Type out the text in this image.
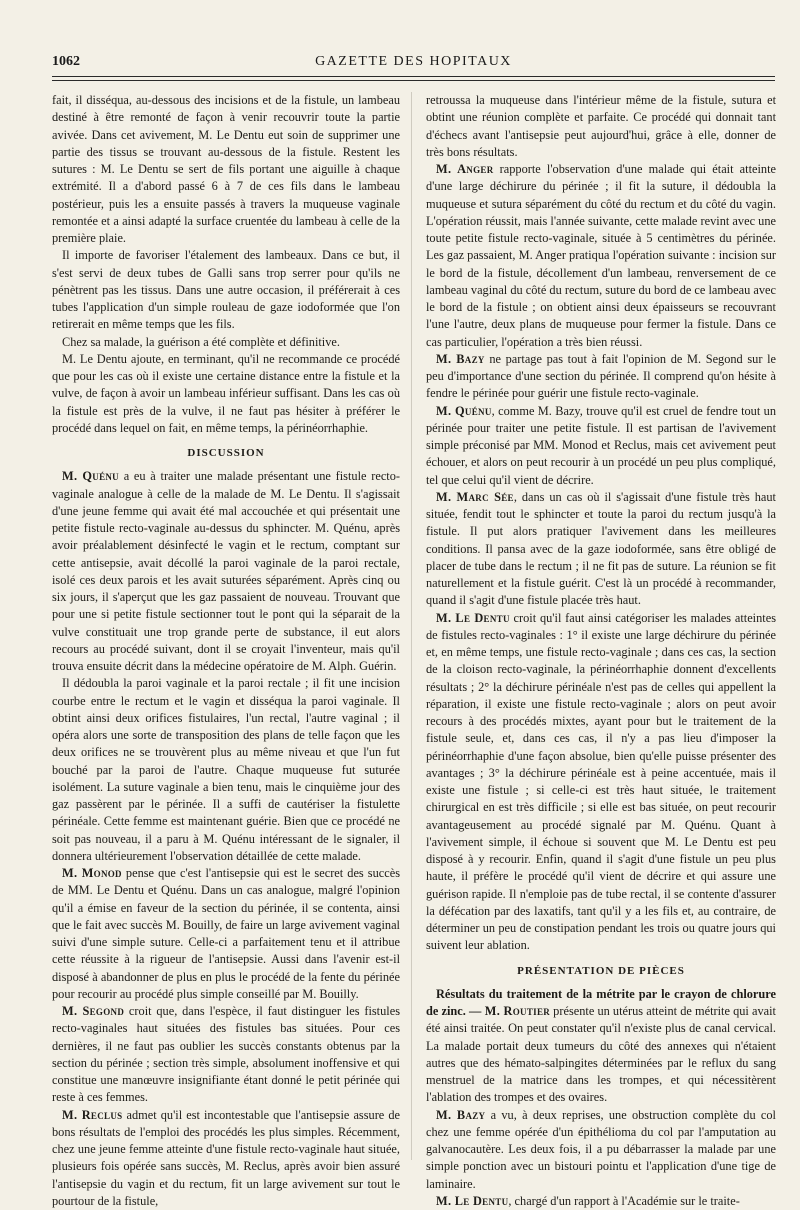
1062	GAZETTE DES HOPITAUX

fait, il disséqua, au-dessous des incisions et de la fistule, un lambeau destiné à être remonté de façon à venir recouvrir toute la partie avivée. Dans cet avivement, M. Le Dentu eut soin de supprimer une partie des tissus se trouvant au-dessous de la fistule. Restent les sutures : M. Le Dentu se sert de fils portant une aiguille à chaque extrémité. Il a d'abord passé 6 à 7 de ces fils dans le lambeau postérieur, puis les a ensuite passés à travers la muqueuse vaginale remontée et a ainsi adapté la surface cruentée du lambeau à celle de la première plaie.

Il importe de favoriser l'étalement des lambeaux. Dans ce but, il s'est servi de deux tubes de Galli sans trop serrer pour qu'ils ne pénètrent pas les tissus. Dans une autre occasion, il préférerait à ces tubes l'application d'un simple rouleau de gaze iodoformée que l'on retirerait en même temps que les fils.

Chez sa malade, la guérison a été complète et définitive.

M. Le Dentu ajoute, en terminant, qu'il ne recommande ce procédé que pour les cas où il existe une certaine distance entre la fistule et la vulve, de façon à avoir un lambeau inférieur suffisant. Dans les cas où la fistule est près de la vulve, il ne faut pas hésiter à préférer le procédé dans lequel on fait, en même temps, la périnéorrhaphie.

DISCUSSION

M. Quénu a eu à traiter une malade présentant une fistule recto-vaginale analogue à celle de la malade de M. Le Dentu. Il s'agissait d'une jeune femme qui avait été mal accouchée et qui présentait une petite fistule recto-vaginale au-dessus du sphincter. M. Quénu, après avoir préalablement désinfecté le vagin et le rectum, comptant sur cette antisepsie, avait décollé la paroi vaginale de la paroi rectale, isolé ces deux parois et les avait suturées séparément. Après cinq ou six jours, il s'aperçut que les gaz passaient de nouveau. Trouvant que pour une si petite fistule sectionner tout le pont qui la séparait de la vulve constituait une trop grande perte de substance, il eut alors recours au procédé suivant, dont il se croyait l'inventeur, mais qu'il trouva ensuite décrit dans la médecine opératoire de M. Alph. Guérin.

Il dédoubla la paroi vaginale et la paroi rectale ; il fit une incision courbe entre le rectum et le vagin et disséqua la paroi vaginale. Il obtint ainsi deux orifices fistulaires, l'un rectal, l'autre vaginal ; il opéra alors une sorte de transposition des plans de telle façon que les deux orifices ne se trouvèrent plus au même niveau et que l'un fut bouché par la paroi de l'autre. Chaque muqueuse fut suturée isolément. La suture vaginale a bien tenu, mais le cinquième jour des gaz passèrent par le périnée. Il a suffi de cautériser la fistulette périnéale. Cette femme est maintenant guérie. Bien que ce procédé ne soit pas nouveau, il a paru à M. Quénu intéressant de le signaler, il donnera ultérieurement l'observation détaillée de cette malade.

M. Monod pense que c'est l'antisepsie qui est le secret des succès de MM. Le Dentu et Quénu. Dans un cas analogue, malgré l'opinion qu'il a émise en faveur de la section du périnée, il se contenta, ainsi que le fait avec succès M. Bouilly, de faire un large avivement vaginal suivi d'une simple suture. Celle-ci a parfaitement tenu et il attribue cette réussite à la rigueur de l'antisepsie. Aussi dans l'avenir est-il disposé à abandonner de plus en plus le procédé de la fente du périnée pour recourir au procédé plus simple conseillé par M. Bouilly.

M. Segond croit que, dans l'espèce, il faut distinguer les fistules recto-vaginales haut situées des fistules bas situées. Pour ces dernières, il ne faut pas oublier les succès constants obtenus par la section du périnée ; section très simple, absolument inoffensive et qui constitue une manœuvre insignifiante étant donné le petit périnée qui reste à ces femmes.

M. Reclus admet qu'il est incontestable que l'antisepsie assure de bons résultats de l'emploi des procédés les plus simples. Récemment, chez une jeune femme atteinte d'une fistule recto-vaginale haut située, plusieurs fois opérée sans succès, M. Reclus, après avoir bien assuré l'antisepsie du vagin et du rectum, fit un large avivement sur tout le pourtour de la fistule,

retroussa la muqueuse dans l'intérieur même de la fistule, sutura et obtint une réunion complète et parfaite. Ce procédé qui donnait tant d'échecs avant l'antisepsie peut aujourd'hui, grâce à elle, donner de très bons résultats.

M. Anger rapporte l'observation d'une malade qui était atteinte d'une large déchirure du périnée ; il fit la suture, il dédoubla la muqueuse et sutura séparément du côté du rectum et du côté du vagin. L'opération réussit, mais l'année suivante, cette malade revint avec une toute petite fistule recto-vaginale, située à 5 centimètres du périnée. Les gaz passaient, M. Anger pratiqua l'opération suivante : incision sur le bord de la fistule, décollement d'un lambeau, renversement de ce lambeau vaginal du côté du rectum, suture du bord de ce lambeau avec le bord de la fistule ; on obtient ainsi deux épaisseurs se recouvrant l'une l'autre, deux plans de muqueuse pour fermer la fistule. Dans ce cas particulier, l'opération a très bien réussi.

M. Bazy ne partage pas tout à fait l'opinion de M. Segond sur le peu d'importance d'une section du périnée. Il comprend qu'on hésite à fendre le périnée pour guérir une fistule recto-vaginale.

M. Quénu, comme M. Bazy, trouve qu'il est cruel de fendre tout un périnée pour traiter une petite fistule. Il est partisan de l'avivement simple préconisé par MM. Monod et Reclus, mais cet avivement peut échouer, et alors on peut recourir à un procédé un peu plus compliqué, tel que celui qu'il vient de décrire.

M. Marc Sée, dans un cas où il s'agissait d'une fistule très haut située, fendit tout le sphincter et toute la paroi du rectum jusqu'à la fistule. Il put alors pratiquer l'avivement dans les meilleures conditions. Il pansa avec de la gaze iodoformée, sans être obligé de placer de tube dans le rectum ; il ne fit pas de suture. La réunion se fit naturellement et la fistule guérit. C'est là un procédé à recommander, quand il s'agit d'une fistule placée très haut.

M. Le Dentu croit qu'il faut ainsi catégoriser les malades atteintes de fistules recto-vaginales : 1° il existe une large déchirure du périnée et, en même temps, une fistule recto-vaginale ; dans ces cas, la section de la cloison recto-vaginale, la périnéorrhaphie donnent d'excellents résultats ; 2° la déchirure périnéale n'est pas de celles qui appellent la réparation, il existe une fistule recto-vaginale ; alors on peut avoir recours à des procédés mixtes, ayant pour but le traitement de la fistule seule, et, dans ces cas, il n'y a pas lieu d'imposer la périnéorrhaphie d'une façon absolue, bien qu'elle puisse présenter des avantages ; 3° la déchirure périnéale est à peine accentuée, mais il existe une fistule ; si celle-ci est très haut située, le traitement chirurgical en est très difficile ; si elle est bas située, on peut recourir avantageusement au procédé signalé par M. Quénu. Quant à l'avivement simple, il échoue si souvent que M. Le Dentu est peu disposé à y recourir. Enfin, quand il s'agit d'une fistule un peu plus haute, il préfère le procédé qu'il vient de décrire et qui assure une guérison rapide. Il n'emploie pas de tube rectal, il se contente d'assurer la défécation par des laxatifs, tant qu'il y a les fils et, au contraire, de déterminer un peu de constipation pendant les trois ou quatre jours qui suivent leur ablation.

PRÉSENTATION DE PIÈCES

Résultats du traitement de la métrite par le crayon de chlorure de zinc. — M. Routier présente un utérus atteint de métrite qui avait été ainsi traitée. On peut constater qu'il n'existe plus de canal cervical. La malade portait deux tumeurs du côté des annexes qui n'étaient autres que des hémato-salpingites déterminées par le reflux du sang menstruel de la matrice dans les trompes, et qui nécessitèrent l'ablation des trompes et des ovaires.

M. Bazy a vu, à deux reprises, une obstruction complète du col chez une femme opérée d'un épithélioma du col par l'amputation au galvanocautère. Les deux fois, il a pu débarrasser la malade par une simple ponction avec un bistouri pointu et l'application d'une tige de laminaire.

M. Le Dentu, chargé d'un rapport à l'Académie sur le traite-
